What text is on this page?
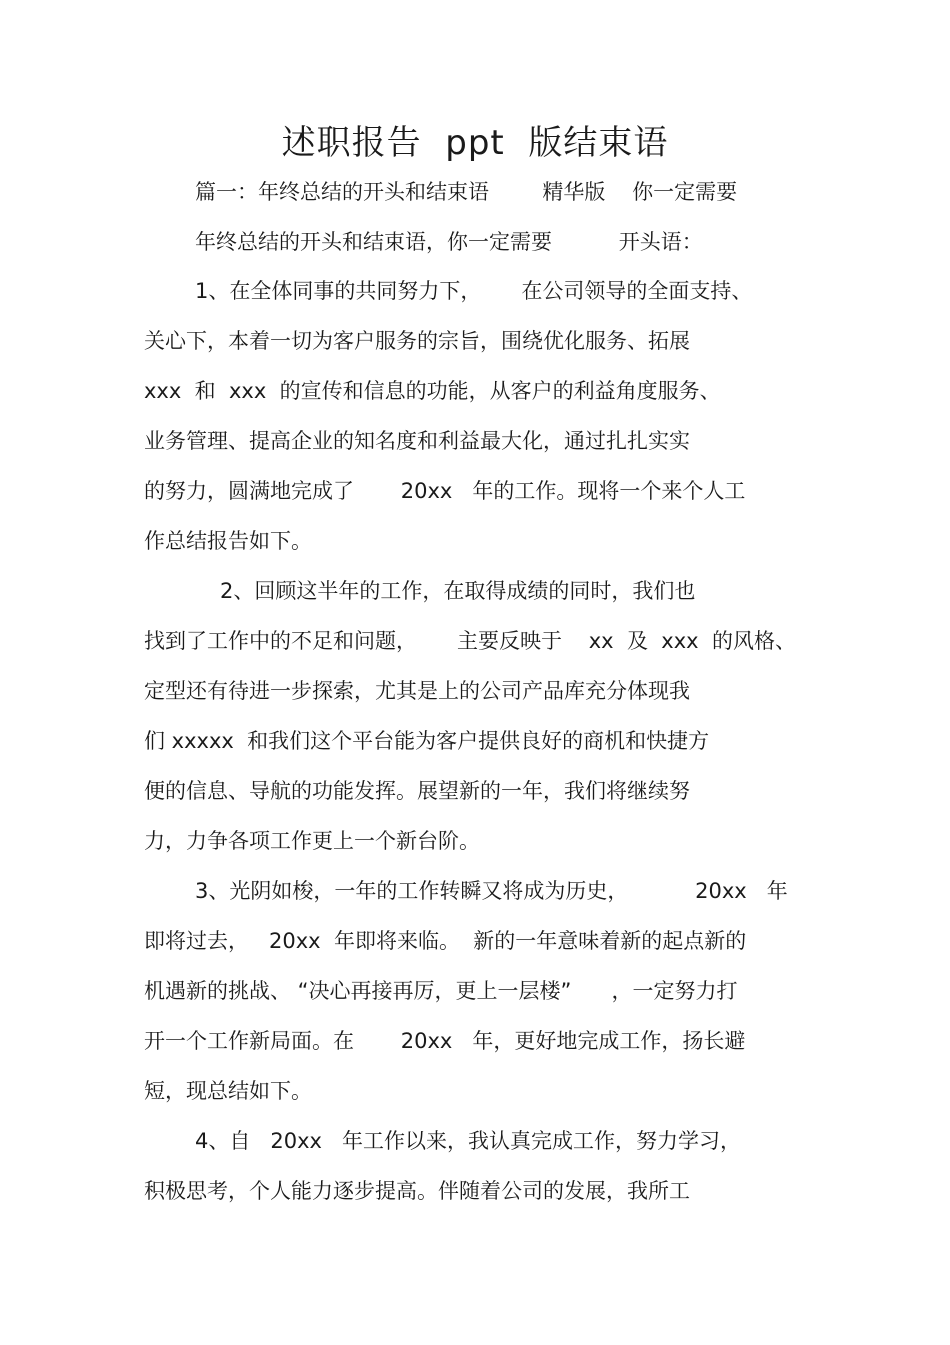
述职报告  ppt  版结束语
篇一：年终总结的开头和结束语        精华版    你一定需要
年终总结的开头和结束语，你一定需要          开头语：
1、在全体同事的共同努力下，      在公司领导的全面支持、
关心下，本着一切为客户服务的宗旨，围绕优化服务、拓展
xxx  和  xxx  的宣传和信息的功能，从客户的利益角度服务、
业务管理、提高企业的知名度和利益最大化，通过扎扎实实
的努力，圆满地完成了       20xx   年的工作。现将一个来个人工
作总结报告如下。
2、回顾这半年的工作，在取得成绩的同时，我们也
找到了工作中的不足和问题，      主要反映于    xx  及  xxx  的风格、
定型还有待进一步探索，尤其是上的公司产品库充分体现我
们 xxxxx  和我们这个平台能为客户提供良好的商机和快捷方
便的信息、导航的功能发挥。展望新的一年，我们将继续努
力，力争各项工作更上一个新台阶。
3、光阴如梭，一年的工作转瞬又将成为历史，          20xx   年
即将过去，   20xx  年即将来临。  新的一年意味着新的起点新的
机遇新的挑战、 “决心再接再厉，更上一层楼”      ，一定努力打
开一个工作新局面。在       20xx   年，更好地完成工作，扬长避
短，现总结如下。
4、自   20xx   年工作以来，我认真完成工作，努力学习，
积极思考，个人能力逐步提高。伴随着公司的发展，我所工
